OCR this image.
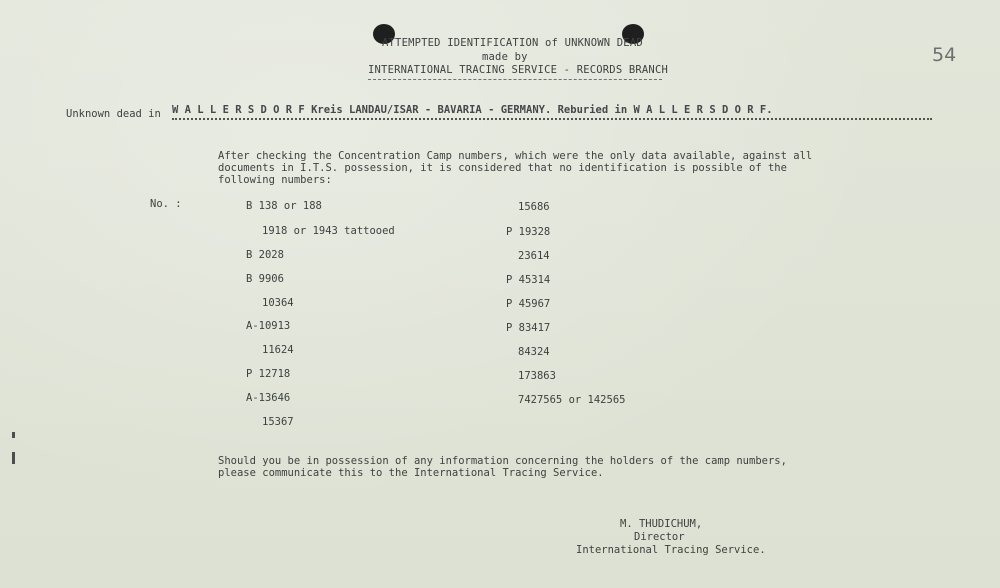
ATTEMPTED IDENTIFICATION of UNKNOWN DEAD
made by
INTERNATIONAL TRACING SERVICE - RECORDS BRANCH
54
Unknown dead in W A L L E R S D O R F Kreis LANDAU/ISAR - BAVARIA - GERMANY. Reburied in W A L L E R S D O R F.
After checking the Concentration Camp numbers, which were the only data available, against all documents in I.T.S. possession, it is considered that no identification is possible of the following numbers:
No. :	B 138 or 188
1918 or 1943 tattooed
B 2028
B 9906
10364
A-10913
11624
P 12718
A-13646
15367
15686
P 19328
23614
P 45314
P 45967
P 83417
84324
173863
7427565 or 142565
Should you be in possession of any information concerning the holders of the camp numbers, please communicate this to the International Tracing Service.
M. THUDICHUM,
Director
International Tracing Service.
